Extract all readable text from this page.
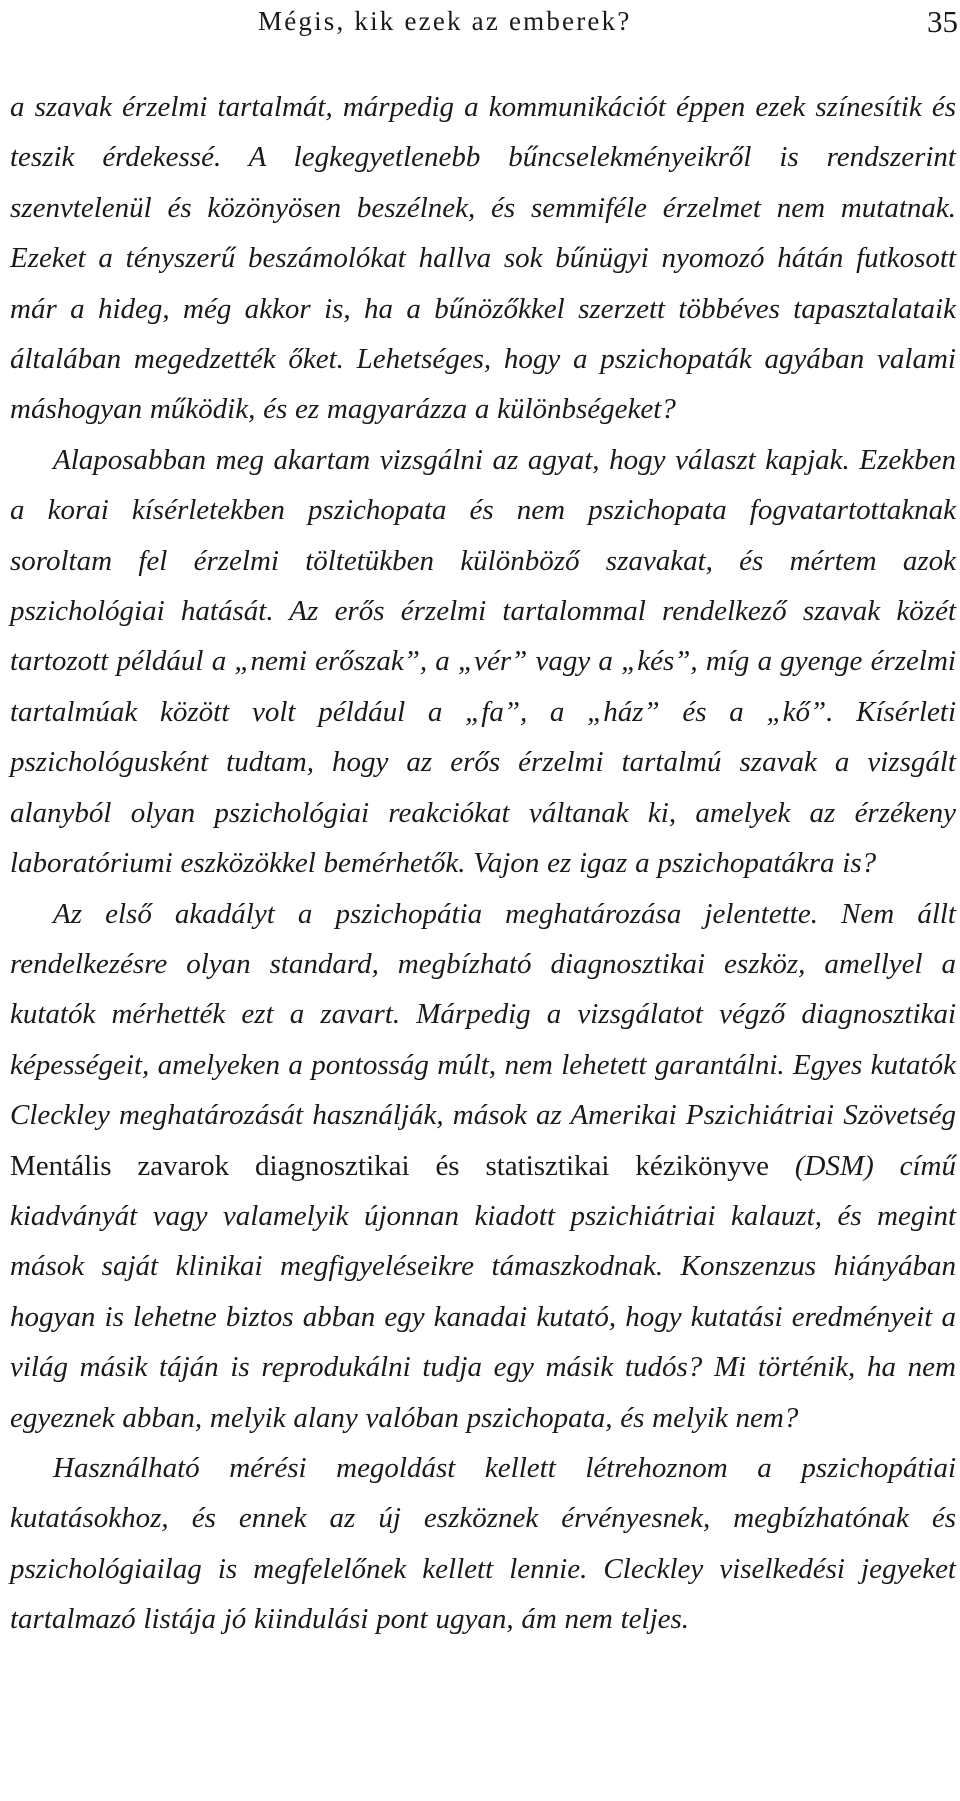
Mégis, kik ezek az emberek?	35

a szavak érzelmi tartalmát, márpedig a kommunikációt éppen ezek színesítik és teszik érdekessé. A legkegyetlenebb bűncselekményeikről is rendszerint szenvtelenül és közönyösen beszélnek, és semmiféle érzelmet nem mutatnak. Ezeket a tényszerű beszámolókat hallva sok bűnügyi nyomozó hátán futkosott már a hideg, még akkor is, ha a bűnözőkkel szerzett többéves tapasztalataik általában megedzették őket. Lehetséges, hogy a pszichopaták agyában valami máshogyan működik, és ez magyarázza a különbségeket?

Alaposabban meg akartam vizsgálni az agyat, hogy választ kapjak. Ezekben a korai kísérletekben pszichopata és nem pszichopata fogvatartottaknak soroltam fel érzelmi töltetükben különböző szavakat, és mértem azok pszichológiai hatását. Az erős érzelmi tartalommal rendelkező szavak közét tartozott például a „nemi erőszak”, a „vér” vagy a „kés”, míg a gyenge érzelmi tartalmúak között volt például a „fa”, a „ház” és a „kő”. Kísérleti pszichológusként tudtam, hogy az erős érzelmi tartalmú szavak a vizsgált alanyból olyan pszichológiai reakciókat váltanak ki, amelyek az érzékeny laboratóriumi eszközökkel bemérhetők. Vajon ez igaz a pszichopatákra is?

Az első akadályt a pszichopátia meghatározása jelentette. Nem állt rendelkezésre olyan standard, megbízható diagnosztikai eszköz, amellyel a kutatók mérhették ezt a zavart. Márpedig a vizsgálatot végző diagnosztikai képességeit, amelyeken a pontosság múlt, nem lehetett garantálni. Egyes kutatók Cleckley meghatározását használják, mások az Amerikai Pszichiátriai Szövetség Mentális zavarok diagnosztikai és statisztikai kézikönyve (DSM) című kiadványát vagy valamelyik újonnan kiadott pszichiátriai kalauzt, és megint mások saját klinikai megfigyeléseikre támaszkodnak. Konszenzus hiányában hogyan is lehetne biztos abban egy kanadai kutató, hogy kutatási eredményeit a világ másik táján is reprodukálni tudja egy másik tudós? Mi történik, ha nem egyeznek abban, melyik alany valóban pszichopata, és melyik nem?

Használható mérési megoldást kellett létrehoznom a pszichopátiai kutatásokhoz, és ennek az új eszköznek érvényesnek, megbízhatónak és pszichológiailag is megfelelőnek kellett lennie. Cleckley viselkedési jegyeket tartalmazó listája jó kiindulási pont ugyan, ám nem teljes.
